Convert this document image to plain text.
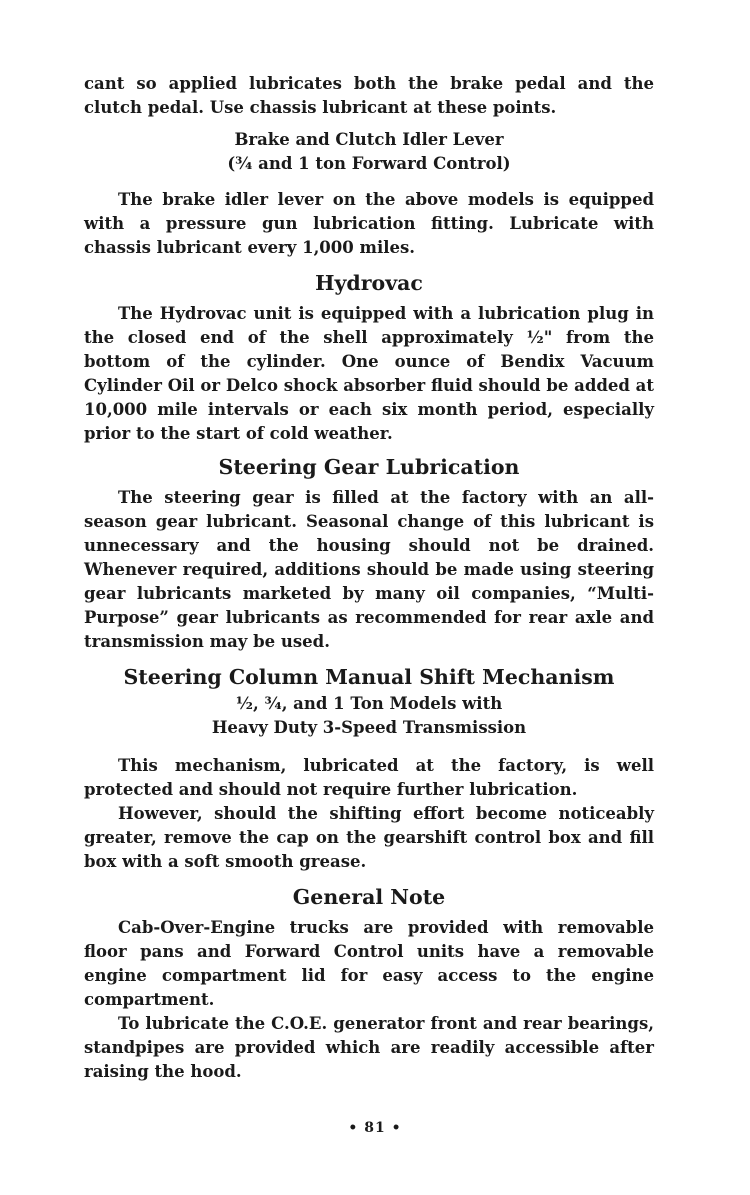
cant so applied lubricates both the brake pedal and the clutch pedal. Use chassis lubricant at these points.

Brake and Clutch Idler Lever
(¾ and 1 ton Forward Control)

The brake idler lever on the above models is equipped with a pressure gun lubrication fitting. Lubricate with chassis lubricant every 1,000 miles.

Hydrovac

The Hydrovac unit is equipped with a lubrication plug in the closed end of the shell approximately ½" from the bottom of the cylinder. One ounce of Bendix Vacuum Cylinder Oil or Delco shock absorber fluid should be added at 10,000 mile intervals or each six month period, especially prior to the start of cold weather.

Steering Gear Lubrication

The steering gear is filled at the factory with an all-season gear lubricant. Seasonal change of this lubricant is unnecessary and the housing should not be drained. Whenever required, additions should be made using steering gear lubricants marketed by many oil companies, “Multi-Purpose” gear lubricants as recommended for rear axle and transmission may be used.

Steering Column Manual Shift Mechanism
½, ¾, and 1 Ton Models with
Heavy Duty 3-Speed Transmission

This mechanism, lubricated at the factory, is well protected and should not require further lubrication.

However, should the shifting effort become noticeably greater, remove the cap on the gearshift control box and fill box with a soft smooth grease.

General Note

Cab-Over-Engine trucks are provided with removable floor pans and Forward Control units have a removable engine compartment lid for easy access to the engine compartment.

To lubricate the C.O.E. generator front and rear bearings, standpipes are provided which are readily accessible after raising the hood.

• 81 •
